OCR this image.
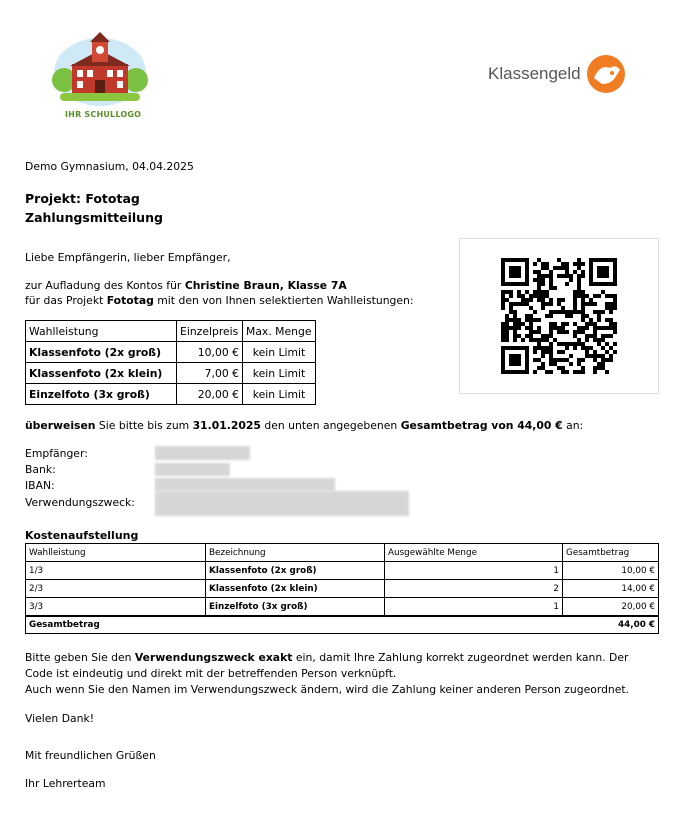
IHR SCHULLOGO
Klassengeld
Demo Gymnasium, 04.04.2025
Projekt: Fototag
Zahlungsmitteilung
Liebe Empfängerin, lieber Empfänger,
zur Aufladung des Kontos für Christine Braun, Klasse 7A
für das Projekt Fototag mit den von Ihnen selektierten Wahlleistungen:
Wahlleistung	Einzelpreis	Max. Menge
Klassenfoto (2x groß)	10,00 €	kein Limit
Klassenfoto (2x klein)	7,00 €	kein Limit
Einzelfoto (3x groß)	20,00 €	kein Limit
überweisen Sie bitte bis zum 31.01.2025 den unten angegebenen Gesamtbetrag von 44,00 € an:
Empfänger:
Bank:
IBAN:
Verwendungszweck:
Kostenaufstellung
Wahlleistung	Bezeichnung	Ausgewählte Menge	Gesamtbetrag
1/3	Klassenfoto (2x groß)	1	10,00 €
2/3	Klassenfoto (2x klein)	2	14,00 €
3/3	Einzelfoto (3x groß)	1	20,00 €
Gesamtbetrag			44,00 €
Bitte geben Sie den Verwendungszweck exakt ein, damit Ihre Zahlung korrekt zugeordnet werden kann. Der
Code ist eindeutig und direkt mit der betreffenden Person verknüpft.
Auch wenn Sie den Namen im Verwendungszweck ändern, wird die Zahlung keiner anderen Person zugeordnet.
Vielen Dank!
Mit freundlichen Grüßen
Ihr Lehrerteam
